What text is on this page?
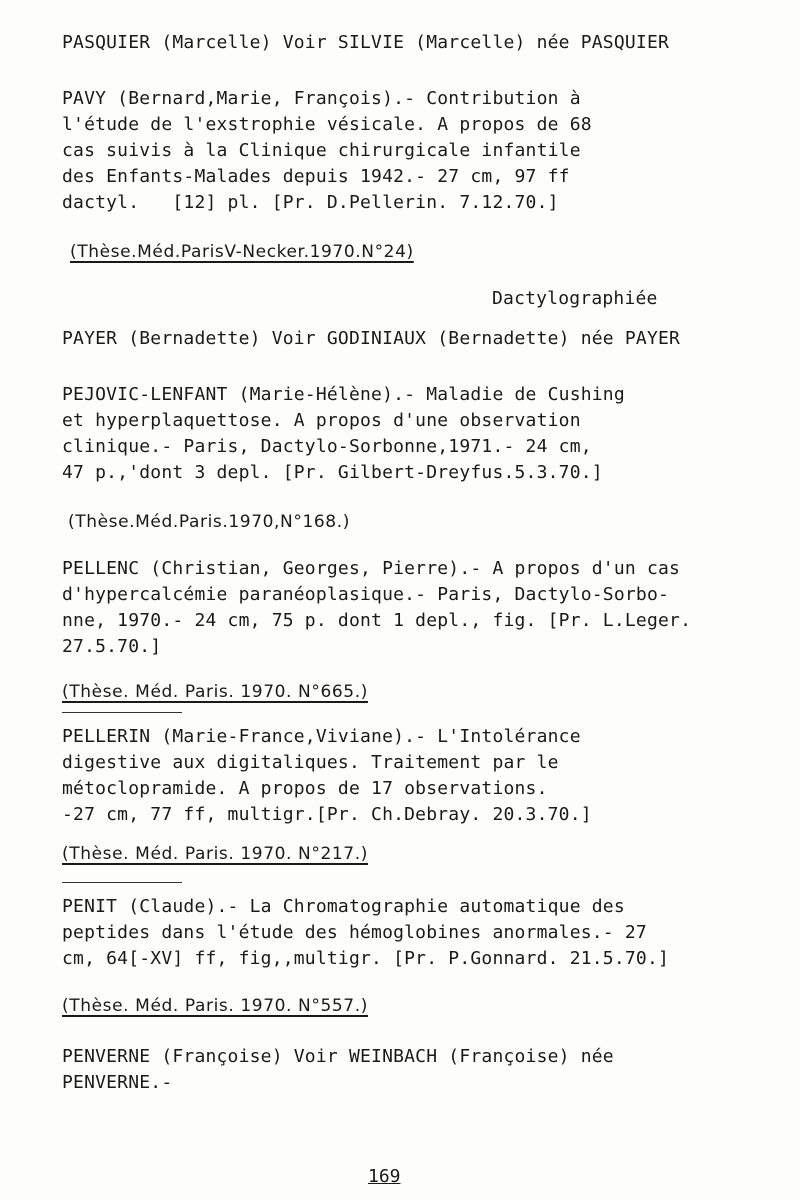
PASQUIER (Marcelle) Voir SILVIE (Marcelle) née PASQUIER
PAVY (Bernard,Marie, François).- Contribution à
l'étude de l'exstrophie vésicale. A propos de 68
cas suivis à la Clinique chirurgicale infantile
des Enfants-Malades depuis 1942.- 27 cm, 97 ff
dactyl.   [12] pl. [Pr. D.Pellerin. 7.12.70.]
(Thèse.Méd.ParisV-Necker.1970.N°24)
Dactylographiée
PAYER (Bernadette) Voir GODINIAUX (Bernadette) née PAYER
PEJOVIC-LENFANT (Marie-Hélène).- Maladie de Cushing
et hyperplaquettose. A propos d'une observation
clinique.- Paris, Dactylo-Sorbonne,1971.- 24 cm,
47 p.,'dont 3 depl. [Pr. Gilbert-Dreyfus.5.3.70.]
(Thèse.Méd.Paris.1970,N°168.)
PELLENC (Christian, Georges, Pierre).- A propos d'un cas
d'hypercalcémie paranéoplasique.- Paris, Dactylo-Sorbo-
nne, 1970.- 24 cm, 75 p. dont 1 depl., fig. [Pr. L.Leger.
27.5.70.]
(Thèse. Méd. Paris. 1970. N°665.)
PELLERIN (Marie-France,Viviane).- L'Intolérance
digestive aux digitaliques. Traitement par le
métoclopramide. A propos de 17 observations.
-27 cm, 77 ff, multigr.[Pr. Ch.Debray. 20.3.70.]
(Thèse. Méd. Paris. 1970. N°217.)
PENIT (Claude).- La Chromatographie automatique des
peptides dans l'étude des hémoglobines anormales.- 27
cm, 64[-XV] ff, fig,,multigr. [Pr. P.Gonnard. 21.5.70.]
(Thèse. Méd. Paris. 1970. N°557.)
PENVERNE (Françoise) Voir WEINBACH (Françoise) née
PENVERNE.-
169
